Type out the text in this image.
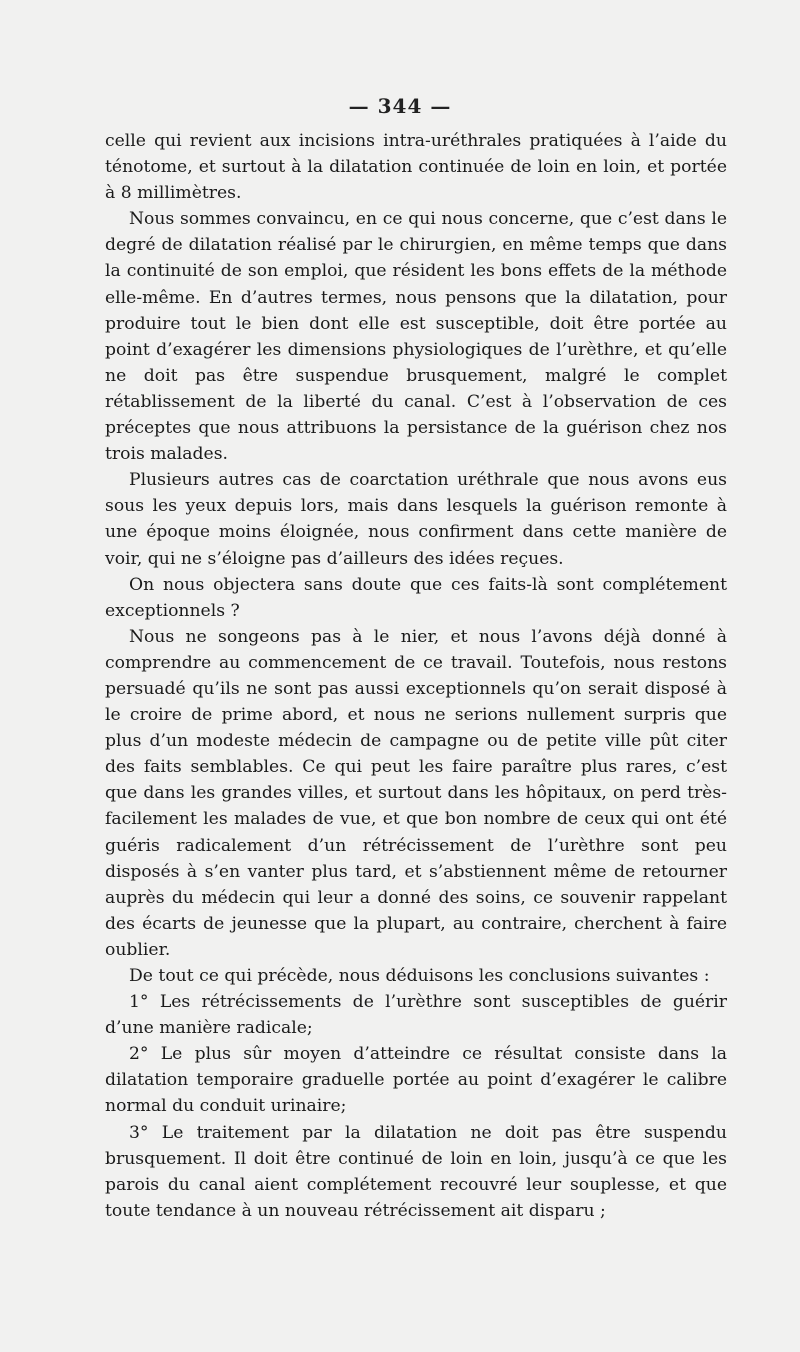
— 344 —

celle qui revient aux incisions intra-uréthrales pratiquées à l’aide du ténotome, et surtout à la dilatation continuée de loin en loin, et portée à 8 millimètres.

Nous sommes convaincu, en ce qui nous concerne, que c’est dans le degré de dilatation réalisé par le chirurgien, en même temps que dans la continuité de son emploi, que résident les bons effets de la méthode elle-même. En d’autres termes, nous pensons que la dilatation, pour produire tout le bien dont elle est susceptible, doit être portée au point d’exagérer les dimensions physiologiques de l’urèthre, et qu’elle ne doit pas être suspendue brusquement, malgré le complet rétablissement de la liberté du canal. C’est à l’observation de ces préceptes que nous attribuons la persistance de la guérison chez nos trois malades.

Plusieurs autres cas de coarctation uréthrale que nous avons eus sous les yeux depuis lors, mais dans lesquels la guérison remonte à une époque moins éloignée, nous confirment dans cette manière de voir, qui ne s’éloigne pas d’ailleurs des idées reçues.

On nous objectera sans doute que ces faits-là sont complétement exceptionnels ?

Nous ne songeons pas à le nier, et nous l’avons déjà donné à comprendre au commencement de ce travail. Toutefois, nous restons persuadé qu’ils ne sont pas aussi exceptionnels qu’on serait disposé à le croire de prime abord, et nous ne serions nullement surpris que plus d’un modeste médecin de campagne ou de petite ville pût citer des faits semblables. Ce qui peut les faire paraître plus rares, c’est que dans les grandes villes, et surtout dans les hôpitaux, on perd très-facilement les malades de vue, et que bon nombre de ceux qui ont été guéris radicalement d’un rétrécissement de l’urèthre sont peu disposés à s’en vanter plus tard, et s’abstiennent même de retourner auprès du médecin qui leur a donné des soins, ce souvenir rappelant des écarts de jeunesse que la plupart, au contraire, cherchent à faire oublier.

De tout ce qui précède, nous déduisons les conclusions suivantes :

1° Les rétrécissements de l’urèthre sont susceptibles de guérir d’une manière radicale;

2° Le plus sûr moyen d’atteindre ce résultat consiste dans la dilatation temporaire graduelle portée au point d’exagérer le calibre normal du conduit urinaire;

3° Le traitement par la dilatation ne doit pas être suspendu brusquement. Il doit être continué de loin en loin, jusqu’à ce que les parois du canal aient complétement recouvré leur souplesse, et que toute tendance à un nouveau rétrécissement ait disparu ;
